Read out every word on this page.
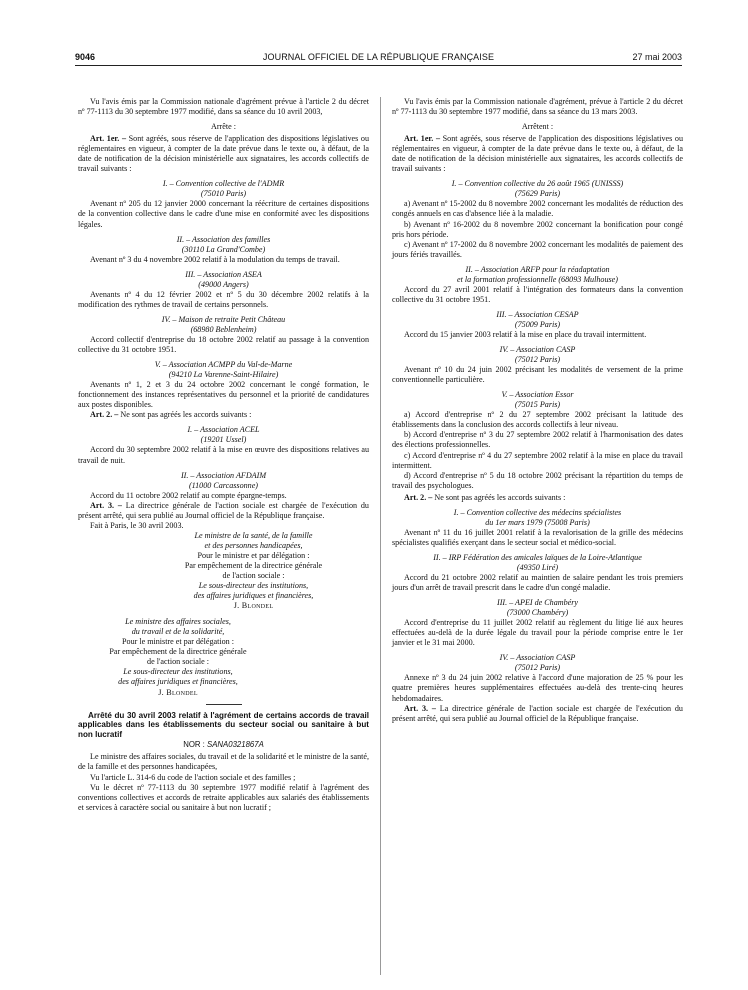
9046	JOURNAL OFFICIEL DE LA RÉPUBLIQUE FRANÇAISE	27 mai 2003

Vu l'avis émis par la Commission nationale d'agrément prévue à l'article 2 du décret nº 77-1113 du 30 septembre 1977 modifié, dans sa séance du 10 avril 2003,

Arrête :

Art. 1er. – Sont agréés, sous réserve de l'application des dispositions législatives ou réglementaires en vigueur, à compter de la date prévue dans le texte ou, à défaut, de la date de notification de la décision ministérielle aux signataires, les accords collectifs de travail suivants :

I. – Convention collective de l'ADMR

(75010 Paris)

Avenant nº 205 du 12 janvier 2000 concernant la réécriture de certaines dispositions de la convention collective dans le cadre d'une mise en conformité avec les dispositions légales.

II. – Association des familles

(30110 La Grand'Combe)

Avenant nº 3 du 4 novembre 2002 relatif à la modulation du temps de travail.

III. – Association ASEA

(49000 Angers)

Avenants nº 4 du 12 février 2002 et nº 5 du 30 décembre 2002 relatifs à la modification des rythmes de travail de certains personnels.

IV. – Maison de retraite Petit Château

(68980 Beblenheim)

Accord collectif d'entreprise du 18 octobre 2002 relatif au passage à la convention collective du 31 octobre 1951.

V. – Association ACMPP du Val-de-Marne

(94210 La Varenne-Saint-Hilaire)

Avenants nº 1, 2 et 3 du 24 octobre 2002 concernant le congé formation, le fonctionnement des instances représentatives du personnel et la priorité de candidatures aux postes disponibles.

Art. 2. – Ne sont pas agréés les accords suivants :

I. – Association ACEL

(19201 Ussel)

Accord du 30 septembre 2002 relatif à la mise en œuvre des dispositions relatives au travail de nuit.

II. – Association AFDAIM

(11000 Carcassonne)

Accord du 11 octobre 2002 relatif au compte épargne-temps.

Art. 3. – La directrice générale de l'action sociale est chargée de l'exécution du présent arrêté, qui sera publié au Journal officiel de la République française.

Fait à Paris, le 30 avril 2003.

Le ministre de la santé, de la famille

et des personnes handicapées,

Pour le ministre et par délégation :

Par empêchement de la directrice générale

de l'action sociale :

Le sous-directeur des institutions,

des affaires juridiques et financières,

J. Blondel

Le ministre des affaires sociales,

du travail et de la solidarité,

Pour le ministre et par délégation :

Par empêchement de la directrice générale

de l'action sociale :

Le sous-directeur des institutions,

des affaires juridiques et financières,

J. Blondel

Arrêté du 30 avril 2003 relatif à l'agrément de certains accords de travail applicables dans les établissements du secteur social ou sanitaire à but non lucratif

NOR : SANA0321867A

Le ministre des affaires sociales, du travail et de la solidarité et le ministre de la santé, de la famille et des personnes handicapées,

Vu l'article L. 314-6 du code de l'action sociale et des familles ;

Vu le décret nº 77-1113 du 30 septembre 1977 modifié relatif à l'agrément des conventions collectives et accords de retraite applicables aux salariés des établissements et services à caractère social ou sanitaire à but non lucratif ;

Vu l'avis émis par la Commission nationale d'agrément, prévue à l'article 2 du décret nº 77-1113 du 30 septembre 1977 modifié, dans sa séance du 13 mars 2003.

Arrêtent :

Art. 1er. – Sont agréés, sous réserve de l'application des dispositions législatives ou réglementaires en vigueur, à compter de la date prévue dans le texte ou, à défaut, de la date de notification de la décision ministérielle aux signataires, les accords collectifs de travail suivants :

I. – Convention collective du 26 août 1965 (UNISSS)

(75629 Paris)

a) Avenant nº 15-2002 du 8 novembre 2002 concernant les modalités de réduction des congés annuels en cas d'absence liée à la maladie.

b) Avenant nº 16-2002 du 8 novembre 2002 concernant la bonification pour congé pris hors période.

c) Avenant nº 17-2002 du 8 novembre 2002 concernant les modalités de paiement des jours fériés travaillés.

II. – Association ARFP pour la réadaptation

et la formation professionnelle (68093 Mulhouse)

Accord du 27 avril 2001 relatif à l'intégration des formateurs dans la convention collective du 31 octobre 1951.

III. – Association CESAP

(75009 Paris)

Accord du 15 janvier 2003 relatif à la mise en place du travail intermittent.

IV. – Association CASP

(75012 Paris)

Avenant nº 10 du 24 juin 2002 précisant les modalités de versement de la prime conventionnelle particulière.

V. – Association Essor

(75015 Paris)

a) Accord d'entreprise nº 2 du 27 septembre 2002 précisant la latitude des établissements dans la conclusion des accords collectifs à leur niveau.

b) Accord d'entreprise nº 3 du 27 septembre 2002 relatif à l'harmonisation des dates des élections professionnelles.

c) Accord d'entreprise nº 4 du 27 septembre 2002 relatif à la mise en place du travail intermittent.

d) Accord d'entreprise nº 5 du 18 octobre 2002 précisant la répartition du temps de travail des psychologues.

Art. 2. – Ne sont pas agréés les accords suivants :

I. – Convention collective des médecins spécialistes

du 1er mars 1979 (75008 Paris)

Avenant nº 11 du 16 juillet 2001 relatif à la revalorisation de la grille des médecins spécialistes qualifiés exerçant dans le secteur social et médico-social.

II. – IRP Fédération des amicales laïques de la Loire-Atlantique

(49350 Liré)

Accord du 21 octobre 2002 relatif au maintien de salaire pendant les trois premiers jours d'un arrêt de travail prescrit dans le cadre d'un congé maladie.

III. – APEI de Chambéry

(73000 Chambéry)

Accord d'entreprise du 11 juillet 2002 relatif au règlement du litige lié aux heures effectuées au-delà de la durée légale du travail pour la période comprise entre le 1er janvier et le 31 mai 2000.

IV. – Association CASP

(75012 Paris)

Annexe nº 3 du 24 juin 2002 relative à l'accord d'une majoration de 25 % pour les quatre premières heures supplémentaires effectuées au-delà des trente-cinq heures hebdomadaires.

Art. 3. – La directrice générale de l'action sociale est chargée de l'exécution du présent arrêté, qui sera publié au Journal officiel de la République française.
